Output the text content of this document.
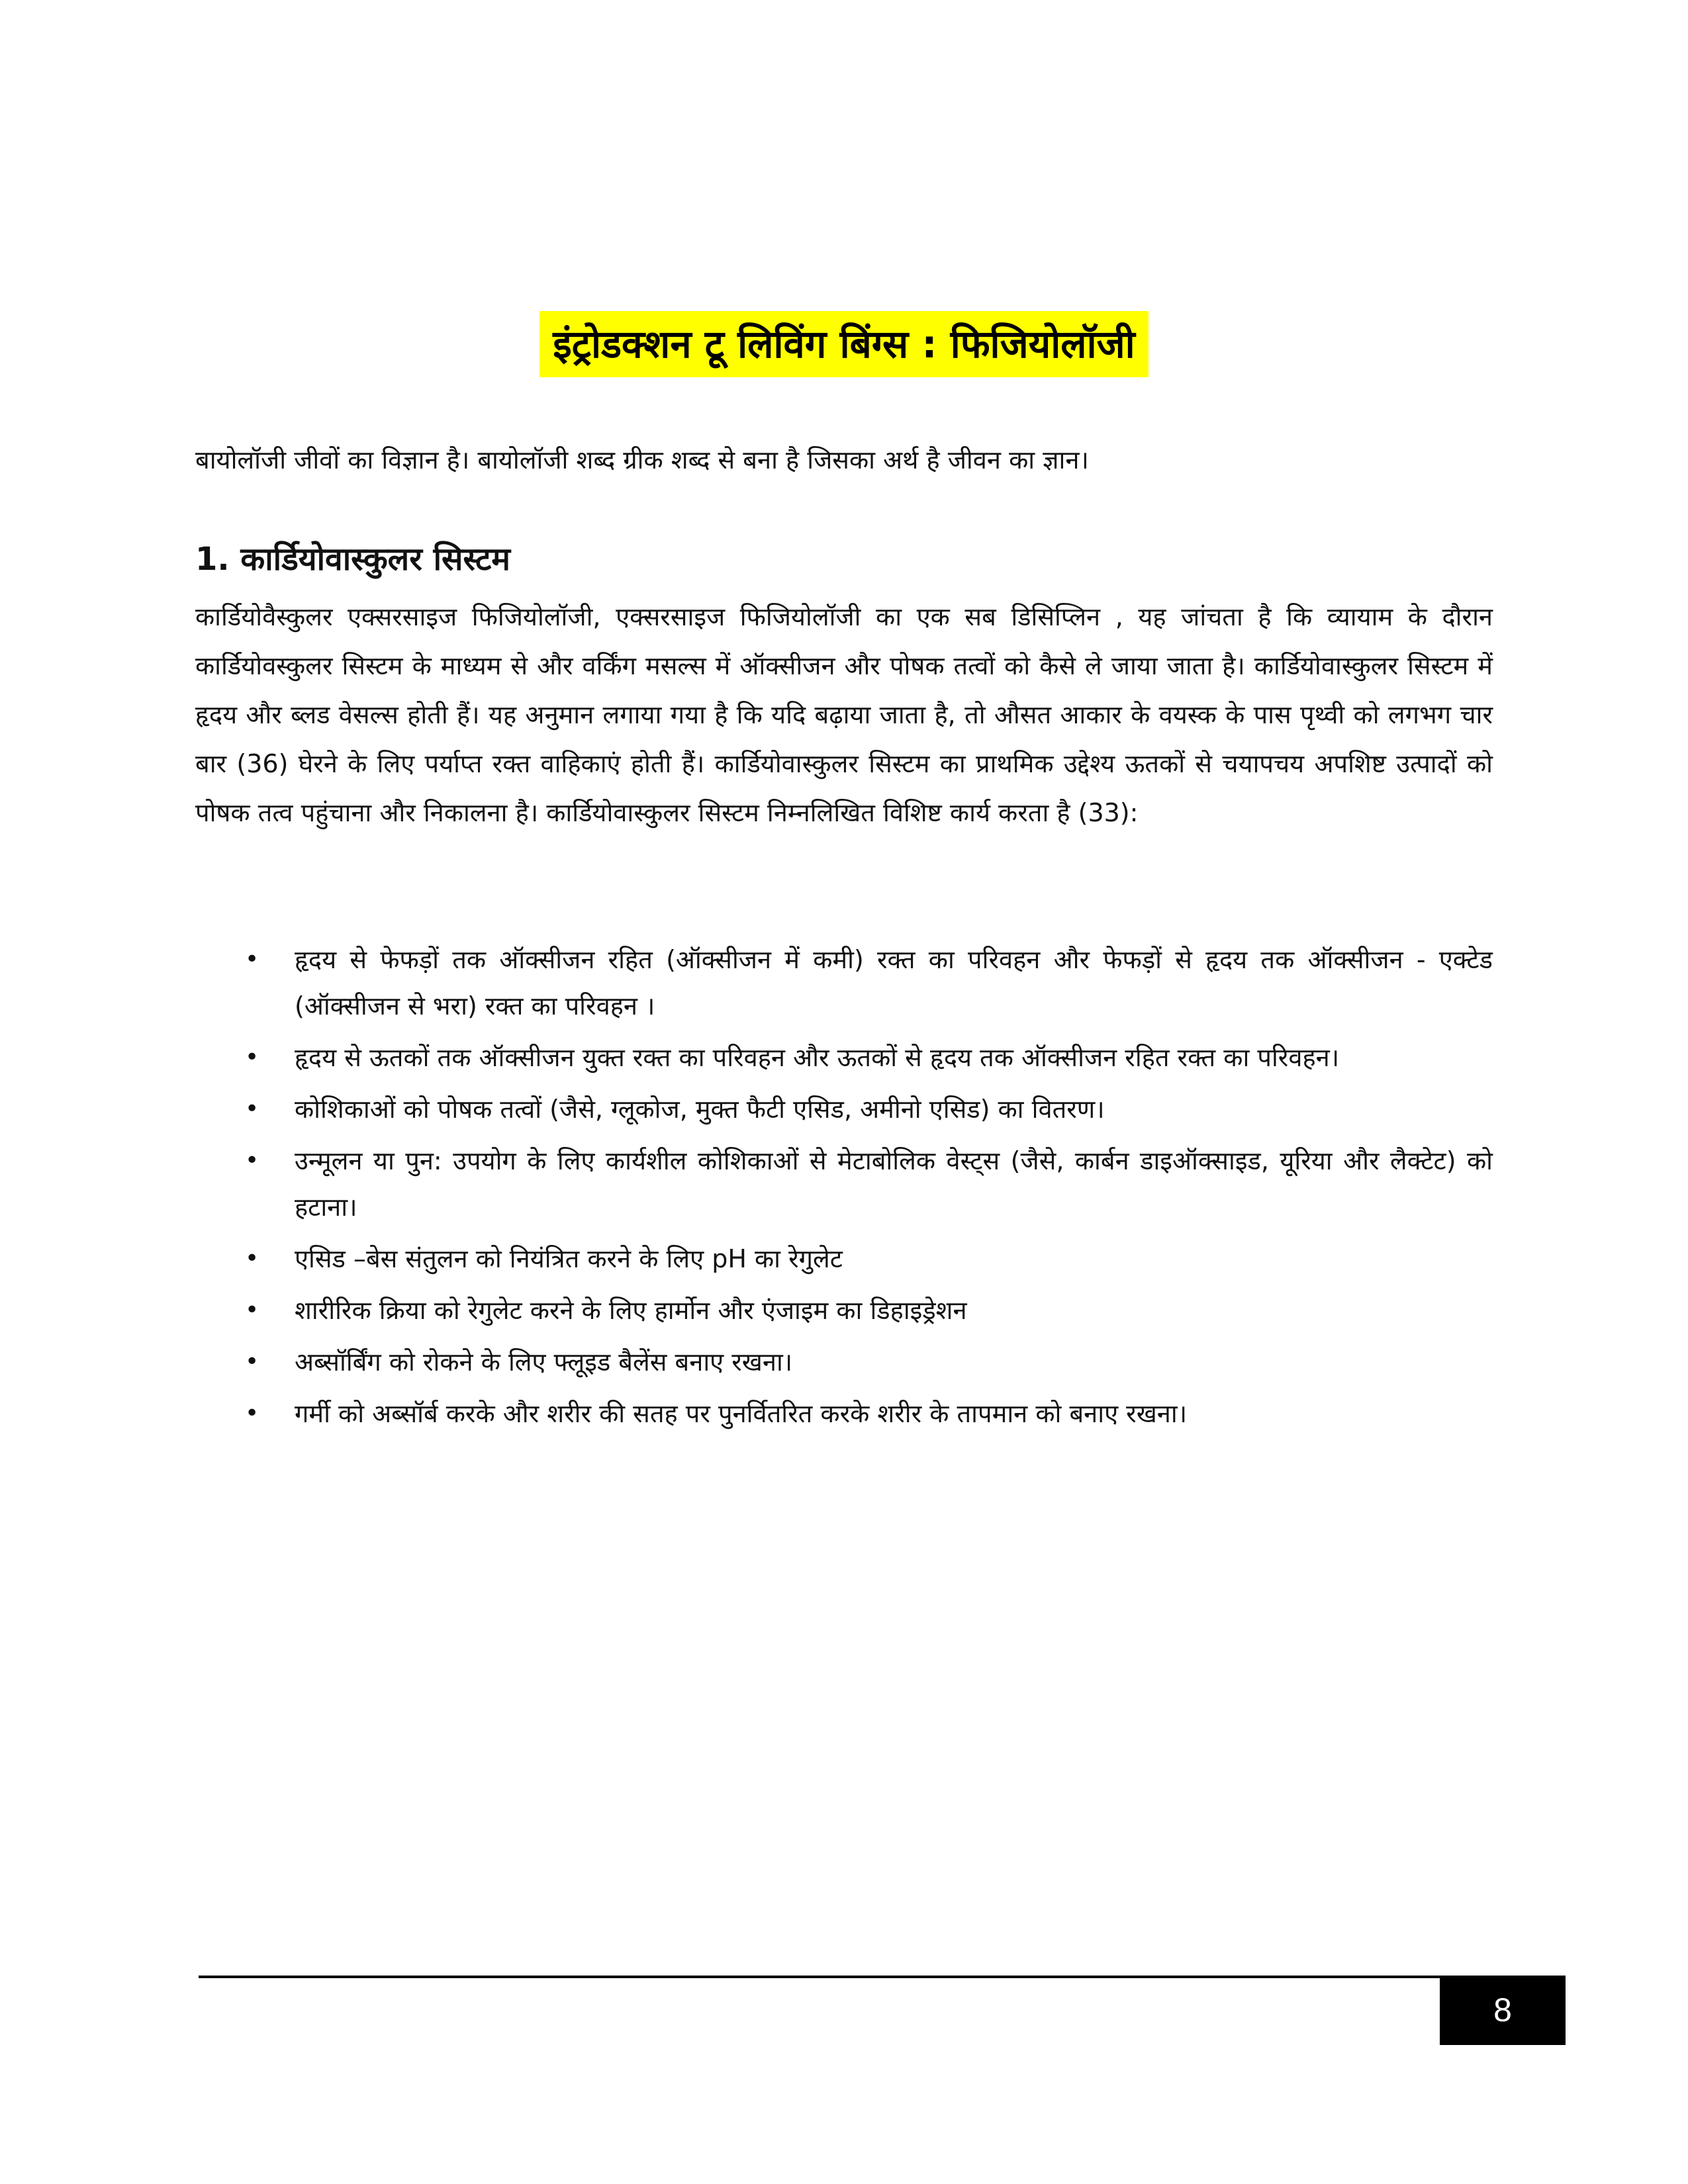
इंट्रोडक्शन टू लिविंग बिंग्स : फिजियोलॉजी

बायोलॉजी जीवों का विज्ञान है। बायोलॉजी शब्द ग्रीक शब्द से बना है जिसका अर्थ है जीवन का ज्ञान।

1. कार्डियोवास्कुलर सिस्टम

कार्डियोवैस्कुलर एक्सरसाइज फिजियोलॉजी, एक्सरसाइज फिजियोलॉजी का एक सब डिसिप्लिन , यह जांचता है कि व्यायाम के दौरान कार्डियोवस्कुलर सिस्टम के माध्यम से और वर्किंग मसल्स में ऑक्सीजन और पोषक तत्वों को कैसे ले जाया जाता है। कार्डियोवास्कुलर सिस्टम में हृदय और ब्लड वेसल्स होती हैं। यह अनुमान लगाया गया है कि यदि बढ़ाया जाता है, तो औसत आकार के वयस्क के पास पृथ्वी को लगभग चार बार (36) घेरने के लिए पर्याप्त रक्त वाहिकाएं होती हैं। कार्डियोवास्कुलर सिस्टम का प्राथमिक उद्देश्य ऊतकों से चयापचय अपशिष्ट उत्पादों को पोषक तत्व पहुंचाना और निकालना है। कार्डियोवास्कुलर सिस्टम निम्नलिखित विशिष्ट कार्य करता है (33):

•	हृदय से फेफड़ों तक ऑक्सीजन रहित (ऑक्सीजन में कमी) रक्त का परिवहन और फेफड़ों से हृदय तक ऑक्सीजन - एक्टेड (ऑक्सीजन से भरा) रक्त का परिवहन ।
•	हृदय से ऊतकों तक ऑक्सीजन युक्त रक्त का परिवहन और ऊतकों से हृदय तक ऑक्सीजन रहित रक्त का परिवहन।
•	कोशिकाओं को पोषक तत्वों (जैसे, ग्लूकोज, मुक्त फैटी एसिड, अमीनो एसिड) का वितरण।
•	उन्मूलन या पुन: उपयोग के लिए कार्यशील कोशिकाओं से मेटाबोलिक वेस्ट्स (जैसे, कार्बन डाइऑक्साइड, यूरिया और लैक्टेट) को हटाना।
•	एसिड –बेस संतुलन को नियंत्रित करने के लिए pH का रेगुलेट
•	शारीरिक क्रिया को रेगुलेट करने के लिए हार्मोन और एंजाइम का डिहाइड्रेशन
•	अब्सॉर्बिंग को रोकने के लिए फ्लूइड बैलेंस बनाए रखना।
•	गर्मी को अब्सॉर्ब करके और शरीर की सतह पर पुनर्वितरित करके शरीर के तापमान को बनाए रखना।
8
